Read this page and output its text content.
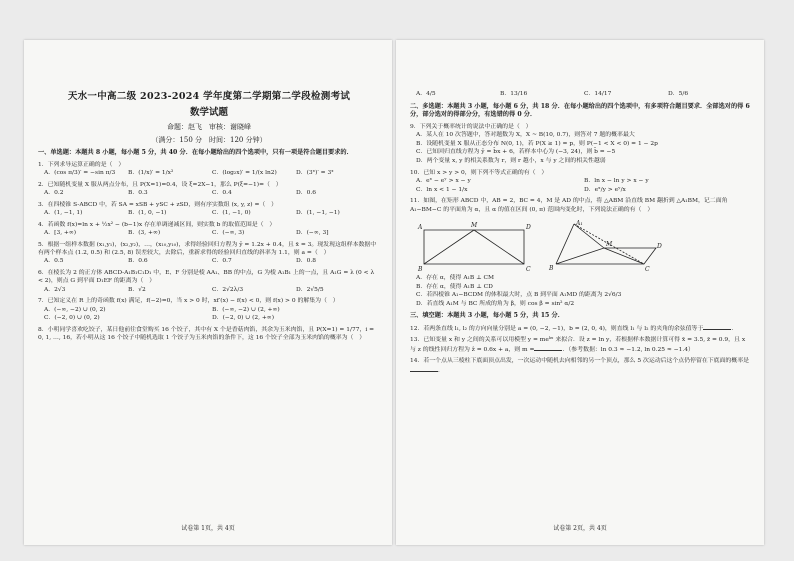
天水一中高二级 2023-2024 学年度第二学期第二学段检测考试
数学试题
命题：赵飞　审核：谢晓峰
（满分：150 分　时间：120 分钟）
一、单选题：本题共 8 小题，每小题 5 分，共 40 分．在每小题给出的四个选项中，只有一项是符合题目要求的．
1．下列求导运算正确的是（　）
A．(cos π/3)′ = −sin π/3	B．(1/x)′ = 1/x²	C．(log₂x)′ = 1/(x ln2)	D．(3ˣ)′ = 3ˣ
2．已知随机变量 X 服从两点分布，且 P(X=1)=0.4，设 ξ=2X−1，那么 P(ξ=−1)=（　）
A．0.2	B．0.3	C．0.4	D．0.6
3．在四棱锥 S-ABCD 中，若 SA = xSB + ySC + zSD，则有序实数组 (x, y, z) =（　）
A．(1, −1, 1)	B．(1, 0, −1)	C．(1, −1, 0)	D．(1, −1, −1)
4．若函数 f(x)=ln x + ½x² − (b−1)x 存在单调递减区间，则实数 b 的取值范围是（　）
A．[3, +∞)	B．(3, +∞)	C．(−∞, 3)	D．(−∞, 3]
5．根据一组样本数据 (x₁,y₁)，(x₂,y₂)，…，(x₁₀,y₁₀)，求得经验回归方程为 ŷ = 1.2x + 0.4，且 x̄ = 3。现发现这组样本数据中有两个样本点 (1.2, 0.5) 和 (2.5, 8) 误差较大，去除后，重新求得的经验回归直线的斜率为 1.1，则 a =（　）
A．0.5	B．0.6	C．0.7	D．0.8
6．在棱长为 2 的正方体 ABCD-A₁B₁C₁D₁ 中，E、F 分别是棱 AA₁、BB 的中点，G 为棱 A₁B₁ 上的一点，且 A₁G = λ (0 < λ < 2)，则点 G 到平面 D₁EF 的距离为（　）
A．2√3	B．√2	C．2√2λ/3	D．2√5/5
7．已知定义在 R 上的奇函数 f(x) 满足，f(−2)=0，当 x > 0 时，xf′(x) − f(x) < 0，则 f(x) > 0 的解集为（　）
A．(−∞, −2) ∪ (0, 2)	B．(−∞, −2) ∪ (2, +∞)
C．(−2, 0) ∪ (0, 2)	D．(−2, 0) ∪ (2, +∞)
8．小明同学喜欢吃饺子，某日他前往食堂购买 16 个饺子，其中有 X 个是香菇肉馅，其余为玉米肉馅，且 P(X=1) = 1/77，i = 0, 1, …, 16，若小明从这 16 个饺子中随机选取 1 个饺子为玉米肉馅的条件下，这 16 个饺子全部为玉米肉馅的概率为（　）
试卷第 1页，共 4页
A．4/5	B．13/16	C．14/17	D．5/6
二、多选题：本题共 3 小题，每小题 6 分，共 18 分．在每小题给出的四个选项中，有多项符合题目要求．全部选对的得 6 分，部分选对的得部分分，有选错的得 0 分．
9．下列关于概率统计的说法中正确的是（　）
A．某人在 10 次答题中，答对题数为 X，X ~ B(10, 0.7)，则答对 7 题的概率最大
B．设随机变量 X 服从正态分布 N(0, 1)，若 P(X ≥ 1) = p，则 P(−1 < X < 0) = 1 − 2p
C．已知回归直线方程为 ŷ = b̂x + 6，若样本中心为 (−3, 24)，则 b̂ = −5
D．两个变量 x, y 的相关系数为 r，则 r 越小，x 与 y 之间的相关性越弱
10．已知 x > y > 0，则下列不等式正确的有（　）
A．eˣ − eʸ > x − y	B．ln x − ln y > x − y
C．ln x < 1 − 1/x	D．eˣ/y > eʸ/x
11．如图，在矩形 ABCD 中，AB = 2，BC = 4，M 是 AD 的中点，将 △ABM 沿直线 BM 翻折到 △A₁BM，记二面角 A₁−BM−C 的平面角为 α，且 α 的值在区间 (0, π) 范围内变化时，下列说法正确的有（　）
A	M	D
B	C
A₁
M	D
B	C
A．存在 α，使得 A₁B ⊥ CM
B．存在 α，使得 A₁B ⊥ CD
C．若四棱锥 A₁−BCDM 的体积最大时，点 B 到平面 A₁MD 的距离为 2√6/3
D．若直线 A₁M 与 BC 所成的角为 β，则 cos β = sin² α/2
三、填空题：本题共 3 小题，每小题 5 分，共 15 分．
12．若两条直线 l₁, l₂ 的方向向量分别是 a = (0, −2, −1)，b = (2, 0, 4)，则直线 l₁ 与 l₂ 的夹角的余弦值等于	．
13．已知变量 x 和 y 之间的关系可以用模型 y = meᵏˣ 来拟合．设 z = ln y，若根据样本数据计算可得 x̄ = 3.5, z̄ = 0.9，且 x 与 z 的线性回归方程为 ẑ = 0.6x + a，则 m =	．（参考数据：ln 0.3 ≈ −1.2, ln 0.25 ≈ −1.4）
14．若一个点从三棱柱下底面顶点出发，一次运动中随机去向相邻的另一个顶点，那么 5 次运动后这个点仍停留在下底面的概率是．
试卷第 2页，共 4页
